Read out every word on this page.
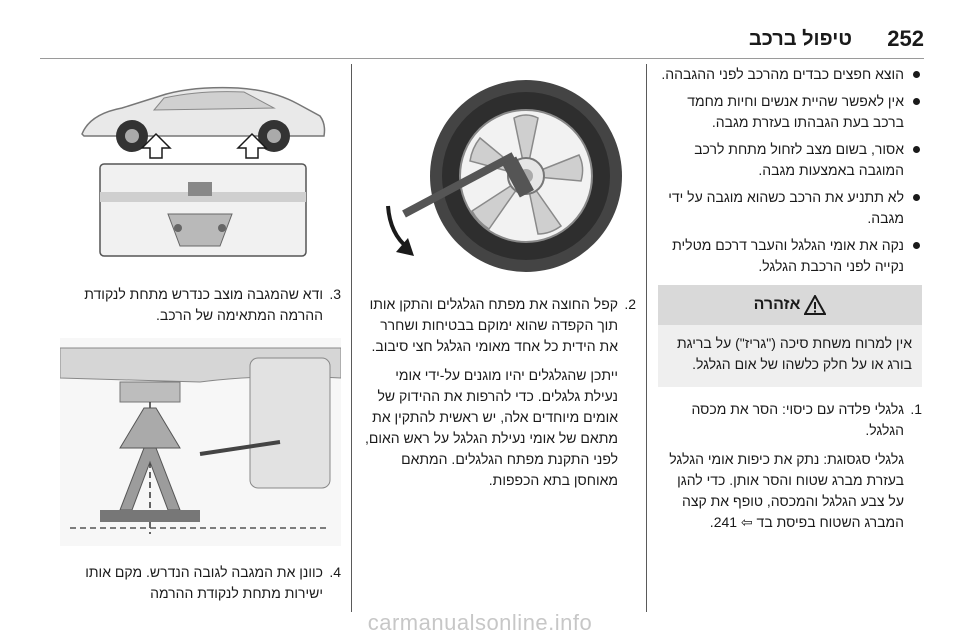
252
טיפול ברכב
הוצא חפצים כבדים מהרכב לפני ההגבהה.
אין לאפשר שהיית אנשים וחיות מחמד ברכב בעת הגבהתו בעזרת מגבה.
אסור, בשום מצב לזחול מתחת לרכב המוגבה באמצעות מגבה.
לא תתניע את הרכב כשהוא מוגבה על ידי מגבה.
נקה את אומי הגלגל והעבר דרכם מטלית נקייה לפני הרכבת הגלגל.
אזהרה
אין למרוח משחת סיכה ("גריז") על בריגת בורג או על חלק כלשהו של אום הגלגל.
1.

גלגלי פלדה עם כיסוי: הסר את מכסה הגלגל.

גלגלי סגסוגת: נתק את כיפות אומי הגלגל בעזרת מברג שטוח והסר אותן. כדי להגן על צבע הגלגל והמכסה, טופף את קצה המברג השטוח בפיסת בד ⇦ 241.

2.

קפל החוצה את מפתח הגלגלים והתקן אותו תוך הקפדה שהוא ימוקם בבטיחות ושחרר את הידית כל אחד מאומי הגלגל חצי סיבוב.

ייתכן שהגלגלים יהיו מוגנים על-ידי אומי נעילת גלגלים. כדי להרפות את ההידוק של אומים מיוחדים אלה, יש ראשית להתקין את מתאם של אומי נעילת הגלגל על ראש האום, לפני התקנת מפתח הגלגלים. המתאם מאוחסן בתא הכפפות.

3.

ודא שהמגבה מוצב כנדרש מתחת לנקודת ההרמה המתאימה של הרכב.

4.

כוונן את המגבה לגובה הנדרש. מקם אותו ישירות מתחת לנקודת ההרמה

carmanualsonline.info
